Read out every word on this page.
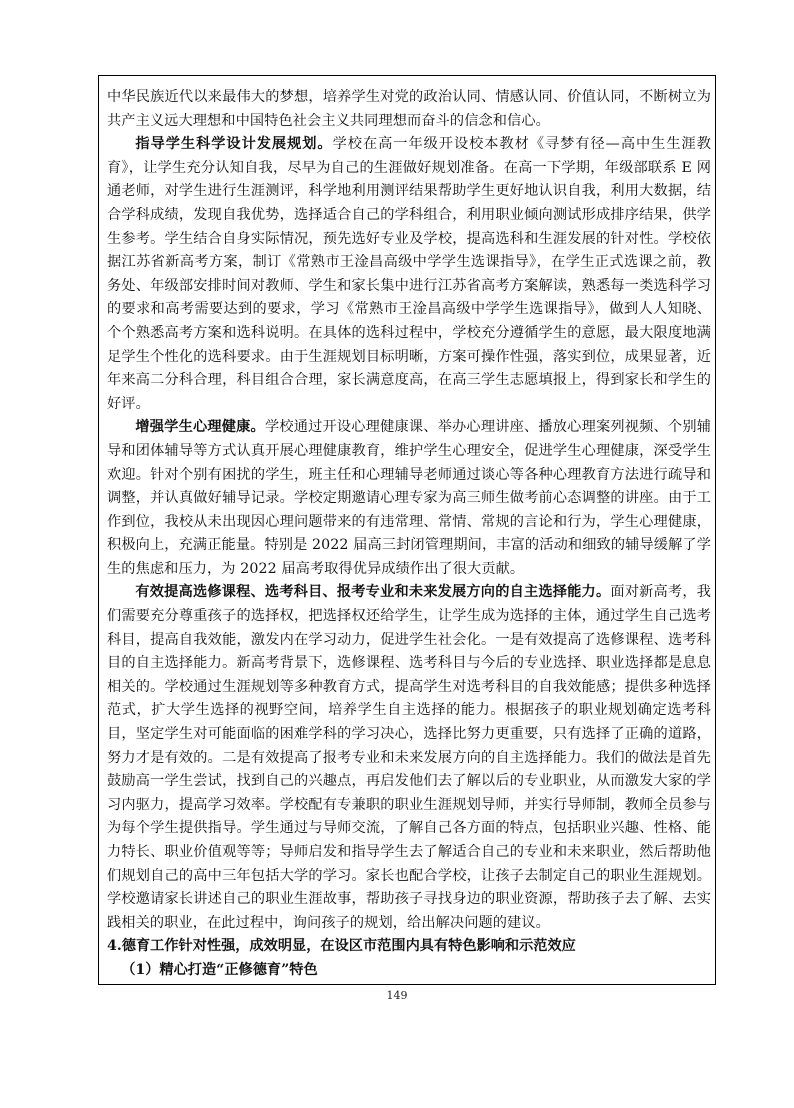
中华民族近代以来最伟大的梦想，培养学生对党的政治认同、情感认同、价值认同，不断树立为共产主义远大理想和中国特色社会主义共同理想而奋斗的信念和信心。

指导学生科学设计发展规划。学校在高一年级开设校本教材《寻梦有径—高中生生涯教育》，让学生充分认知自我，尽早为自己的生涯做好规划准备。在高一下学期，年级部联系 E 网通老师，对学生进行生涯测评，科学地利用测评结果帮助学生更好地认识自我，利用大数据，结合学科成绩，发现自我优势，选择适合自己的学科组合，利用职业倾向测试形成排序结果，供学生参考。学生结合自身实际情况，预先选好专业及学校，提高选科和生涯发展的针对性。学校依据江苏省新高考方案，制订《常熟市王淦昌高级中学学生选课指导》，在学生正式选课之前，教务处、年级部安排时间对教师、学生和家长集中进行江苏省高考方案解读，熟悉每一类选科学习的要求和高考需要达到的要求，学习《常熟市王淦昌高级中学学生选课指导》，做到人人知晓、个个熟悉高考方案和选科说明。在具体的选科过程中，学校充分遵循学生的意愿，最大限度地满足学生个性化的选科要求。由于生涯规划目标明晰，方案可操作性强，落实到位，成果显著，近年来高二分科合理，科目组合合理，家长满意度高，在高三学生志愿填报上，得到家长和学生的好评。

增强学生心理健康。学校通过开设心理健康课、举办心理讲座、播放心理案列视频、个别辅导和团体辅导等方式认真开展心理健康教育，维护学生心理安全，促进学生心理健康，深受学生欢迎。针对个别有困扰的学生，班主任和心理辅导老师通过谈心等各种心理教育方法进行疏导和调整，并认真做好辅导记录。学校定期邀请心理专家为高三师生做考前心态调整的讲座。由于工作到位，我校从未出现因心理问题带来的有违常理、常情、常规的言论和行为，学生心理健康，积极向上，充满正能量。特别是 2022 届高三封闭管理期间，丰富的活动和细致的辅导缓解了学生的焦虑和压力，为 2022 届高考取得优异成绩作出了很大贡献。

有效提高选修课程、选考科目、报考专业和未来发展方向的自主选择能力。面对新高考，我们需要充分尊重孩子的选择权，把选择权还给学生，让学生成为选择的主体，通过学生自己选考科目，提高自我效能，激发内在学习动力，促进学生社会化。一是有效提高了选修课程、选考科目的自主选择能力。新高考背景下，选修课程、选考科目与今后的专业选择、职业选择都是息息相关的。学校通过生涯规划等多种教育方式，提高学生对选考科目的自我效能感；提供多种选择范式，扩大学生选择的视野空间，培养学生自主选择的能力。根据孩子的职业规划确定选考科目，坚定学生对可能面临的困难学科的学习决心，选择比努力更重要，只有选择了正确的道路，努力才是有效的。二是有效提高了报考专业和未来发展方向的自主选择能力。我们的做法是首先鼓励高一学生尝试，找到自己的兴趣点，再启发他们去了解以后的专业职业，从而激发大家的学习内驱力，提高学习效率。学校配有专兼职的职业生涯规划导师，并实行导师制，教师全员参与为每个学生提供指导。学生通过与导师交流，了解自己各方面的特点，包括职业兴趣、性格、能力特长、职业价值观等等；导师启发和指导学生去了解适合自己的专业和未来职业，然后帮助他们规划自己的高中三年包括大学的学习。家长也配合学校，让孩子去制定自己的职业生涯规划。学校邀请家长讲述自己的职业生涯故事，帮助孩子寻找身边的职业资源，帮助孩子去了解、去实践相关的职业，在此过程中，询问孩子的规划，给出解决问题的建议。

4.德育工作针对性强，成效明显，在设区市范围内具有特色影响和示范效应

（1）精心打造“正修德育”特色

149
